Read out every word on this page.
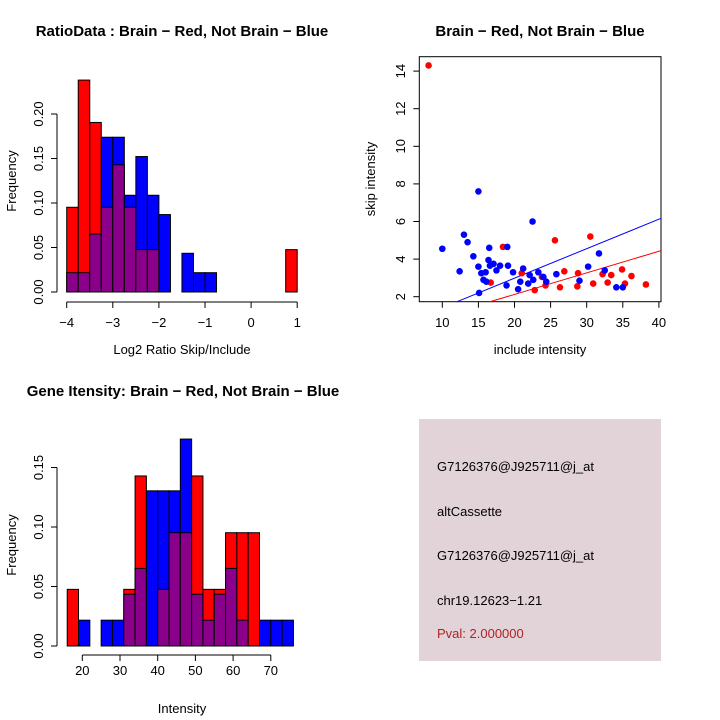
−4 −3 −2 −1	0	1
0.00
0.05
0.10
0.15
0.20
RatioData : Brain − Red, Not Brain − Blue
Log2 Ratio Skip/Include
Frequency
10 15 20 25 30 35 40
2
4
6
8
10
12
14
Brain − Red, Not Brain − Blue
include intensity
skip intensity
20 30 40 50 60 70
0.00
0.05
0.10
0.15
Gene Itensity: Brain − Red, Not Brain − Blue
Intensity
Frequency
G7126376@J925711@j_at
altCassette
G7126376@J925711@j_at
chr19.12623−1.21
Pval: 2.000000
